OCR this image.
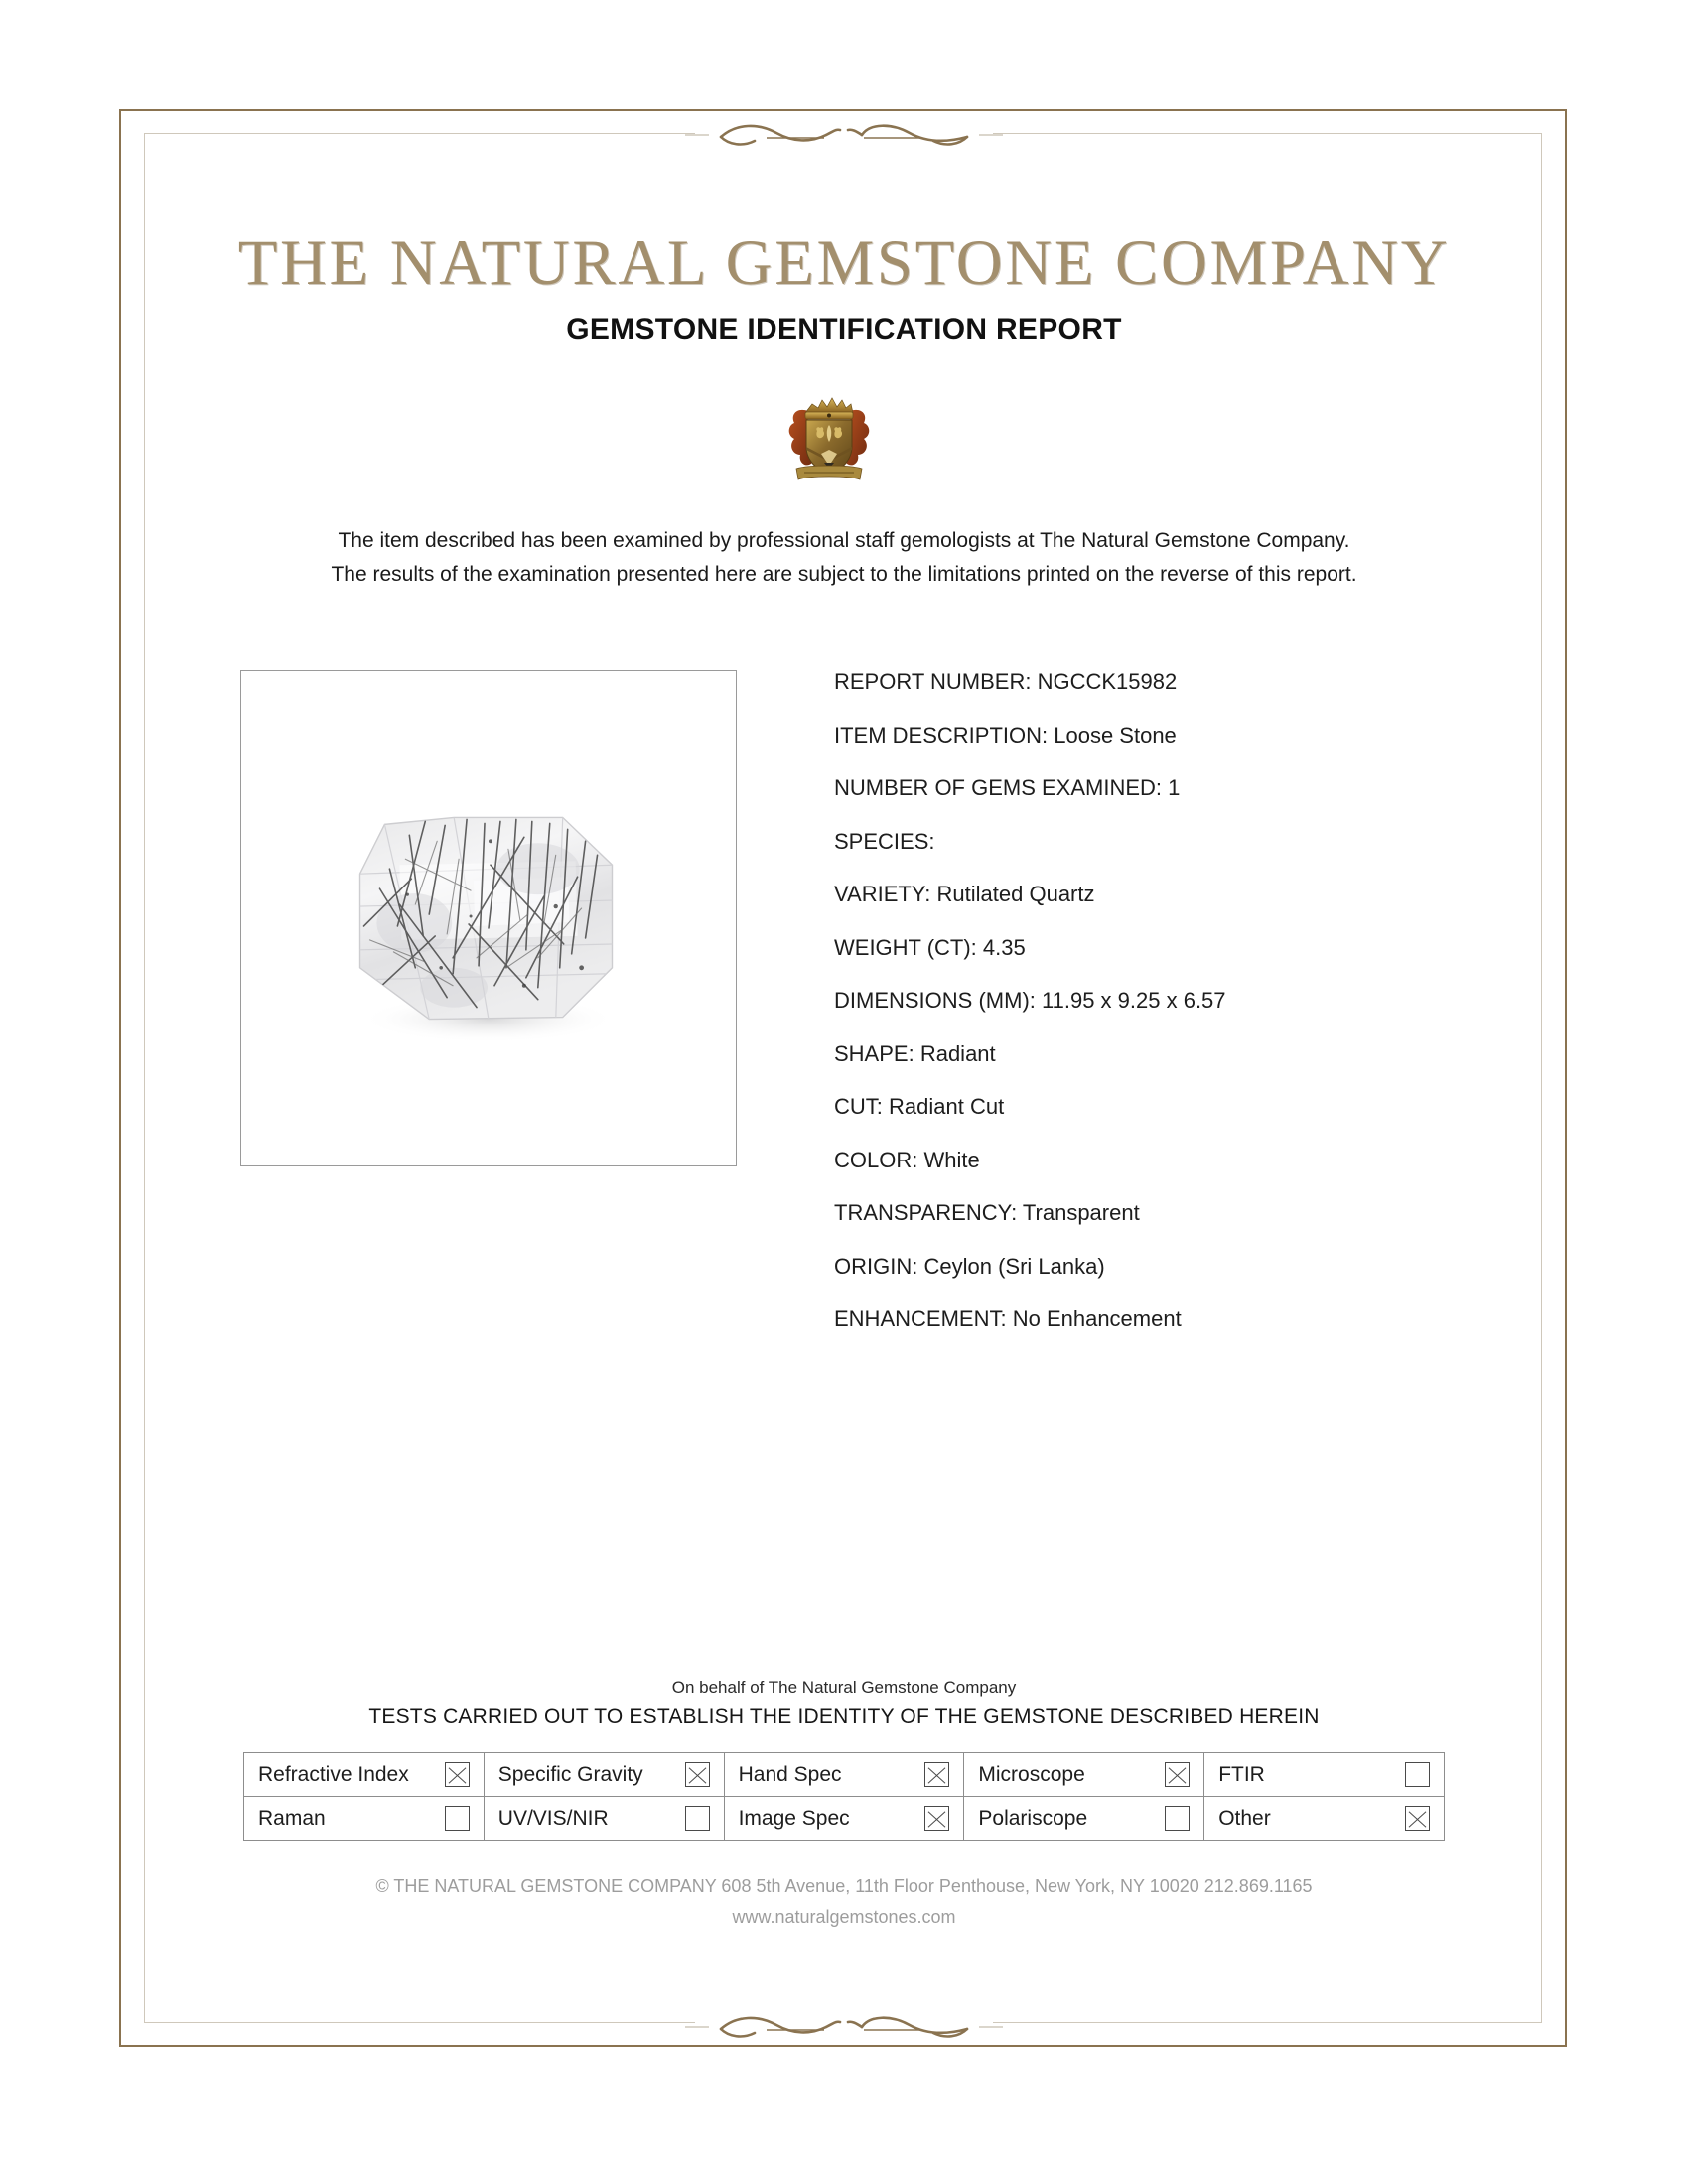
THE NATURAL GEMSTONE COMPANY
GEMSTONE IDENTIFICATION REPORT
The item described has been examined by professional staff gemologists at The Natural Gemstone Company.
The results of the examination presented here are subject to the limitations printed on the reverse of this report.
REPORT NUMBER: NGCCK15982
ITEM DESCRIPTION: Loose Stone
NUMBER OF GEMS EXAMINED: 1
SPECIES:
VARIETY: Rutilated Quartz
WEIGHT (CT): 4.35
DIMENSIONS (MM): 11.95 x 9.25 x 6.57
SHAPE: Radiant
CUT: Radiant Cut
COLOR: White
TRANSPARENCY: Transparent
ORIGIN: Ceylon (Sri Lanka)
ENHANCEMENT: No Enhancement
On behalf of The Natural Gemstone Company
TESTS CARRIED OUT TO ESTABLISH THE IDENTITY OF THE GEMSTONE DESCRIBED HEREIN
Refractive Index	Specific Gravity	Hand Spec	Microscope	FTIR

Raman	UV/VIS/NIR	Image Spec	Polariscope	Other
© THE NATURAL GEMSTONE COMPANY 608 5th Avenue, 11th Floor Penthouse, New York, NY 10020 212.869.1165
www.naturalgemstones.com
